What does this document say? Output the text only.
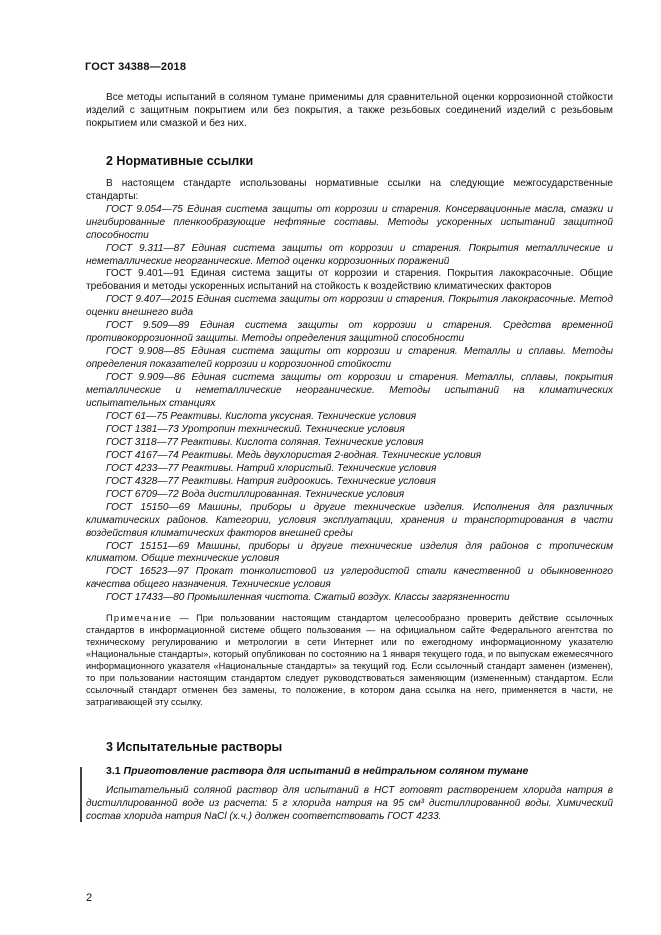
ГОСТ 34388—2018

Все методы испытаний в соляном тумане применимы для сравнительной оценки коррозионной стойкости изделий с защитным покрытием или без покрытия, а также резьбовых соединений изделий с резьбовым покрытием или смазкой и без них.

2 Нормативные ссылки

В настоящем стандарте использованы нормативные ссылки на следующие межгосударственные стандарты:

ГОСТ 9.054—75 Единая система защиты от коррозии и старения. Консервационные масла, смазки и ингибированные пленкообразующие нефтяные составы. Методы ускоренных испытаний защитной способности

ГОСТ 9.311—87 Единая система защиты от коррозии и старения. Покрытия металлические и неметаллические неорганические. Метод оценки коррозионных поражений

ГОСТ 9.401—91 Единая система защиты от коррозии и старения. Покрытия лакокрасочные. Общие требования и методы ускоренных испытаний на стойкость к воздействию климатических факторов

ГОСТ 9.407—2015 Единая система защиты от коррозии и старения. Покрытия лакокрасочные. Метод оценки внешнего вида

ГОСТ 9.509—89 Единая система защиты от коррозии и старения. Средства временной противокоррозионной защиты. Методы определения защитной способности

ГОСТ 9.908—85 Единая система защиты от коррозии и старения. Металлы и сплавы. Методы определения показателей коррозии и коррозионной стойкости

ГОСТ 9.909—86 Единая система защиты от коррозии и старения. Металлы, сплавы, покрытия металлические и неметаллические неорганические. Методы испытаний на климатических испытательных станциях

ГОСТ 61—75 Реактивы. Кислота уксусная. Технические условия

ГОСТ 1381—73 Уротропин технический. Технические условия

ГОСТ 3118—77 Реактивы. Кислота соляная. Технические условия

ГОСТ 4167—74 Реактивы. Медь двухлористая 2-водная. Технические условия

ГОСТ 4233—77 Реактивы. Натрий хлористый. Технические условия

ГОСТ 4328—77 Реактивы. Натрия гидроокись. Технические условия

ГОСТ 6709—72 Вода дистиллированная. Технические условия

ГОСТ 15150—69 Машины, приборы и другие технические изделия. Исполнения для различных климатических районов. Категории, условия эксплуатации, хранения и транспортирования в части воздействия климатических факторов внешней среды

ГОСТ 15151—69 Машины, приборы и другие технические изделия для районов с тропическим климатом. Общие технические условия

ГОСТ 16523—97 Прокат тонколистовой из углеродистой стали качественной и обыкновенного качества общего назначения. Технические условия

ГОСТ 17433—80 Промышленная чистота. Сжатый воздух. Классы загрязненности

Примечание — При пользовании настоящим стандартом целесообразно проверить действие ссылочных стандартов в информационной системе общего пользования — на официальном сайте Федерального агентства по техническому регулированию и метрологии в сети Интернет или по ежегодному информационному указателю «Национальные стандарты», который опубликован по состоянию на 1 января текущего года, и по выпускам ежемесячного информационного указателя «Национальные стандарты» за текущий год. Если ссылочный стандарт заменен (изменен), то при пользовании настоящим стандартом следует руководствоваться заменяющим (измененным) стандартом. Если ссылочный стандарт отменен без замены, то положение, в котором дана ссылка на него, применяется в части, не затрагивающей эту ссылку.

3 Испытательные растворы

3.1 Приготовление раствора для испытаний в нейтральном соляном тумане

Испытательный соляной раствор для испытаний в НСТ готовят растворением хлорида натрия в дистиллированной воде из расчета: 5 г хлорида натрия на 95 см³ дистиллированной воды. Химический состав хлорида натрия NaCl (х.ч.) должен соответствовать ГОСТ 4233.

2
